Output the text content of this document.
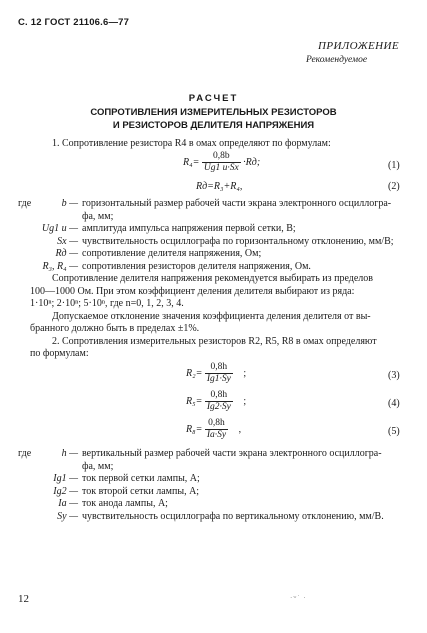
С. 12 ГОСТ 21106.6—77
ПРИЛОЖЕНИЕ
Рекомендуемое
РАСЧЕТ
СОПРОТИВЛЕНИЯ ИЗМЕРИТЕЛЬНЫХ РЕЗИСТОРОВ
И РЕЗИСТОРОВ ДЕЛИТЕЛЯ НАПРЯЖЕНИЯ
1. Сопротивление резистора R4 в омах определяют по формулам:
$R_4= \frac{0,8b}{Ug1 и\cdot Sx} \cdot Rд$;	(1)
Rд=R₃+R₄,	(2)
где	b — горизонтальный размер рабочей части экрана электронного осциллогра-
фа, мм;
Ug1 и — амплитуда импульса напряжения первой сетки, В;
Sx — чувствительность осциллографа по горизонтальному отклонению, мм/В;
Rд — сопротивление делителя напряжения, Ом;
R₃, R₄ — сопротивления резисторов делителя напряжения, Ом.
Сопротивление делителя напряжения рекомендуется выбирать из пределов
100—1000 Ом. При этом коэффициент деления делителя выбирают из ряда:
1·10ⁿ; 2·10ⁿ; 5·10ⁿ, где n=0, 1, 2, 3, 4.
Допускаемое отклонение значения коэффициента деления делителя от вы-
бранного должно быть в пределах ±1%.
2. Сопротивления измерительных резисторов R2, R5, R8 в омах определяют
по формулам:
$R_2= \frac{0,8h}{Ig1\cdot Sy}$ ;	(3)
$R_5= \frac{0,8h}{Ig2\cdot Sy}$ ;	(4)
$R_8= \frac{0,8h}{Iа\cdot Sy}$ ,	(5)
где	h — вертикальный размер рабочей части экрана электронного осциллогра-
фа, мм;
Ig1 — ток первой сетки лампы, А;
Ig2 — ток второй сетки лампы, А;
Iа — ток анода лампы, А;
Sy — чувствительность осциллографа по вертикальному отклонению, мм/В.
12	·ʷ˙ ·
